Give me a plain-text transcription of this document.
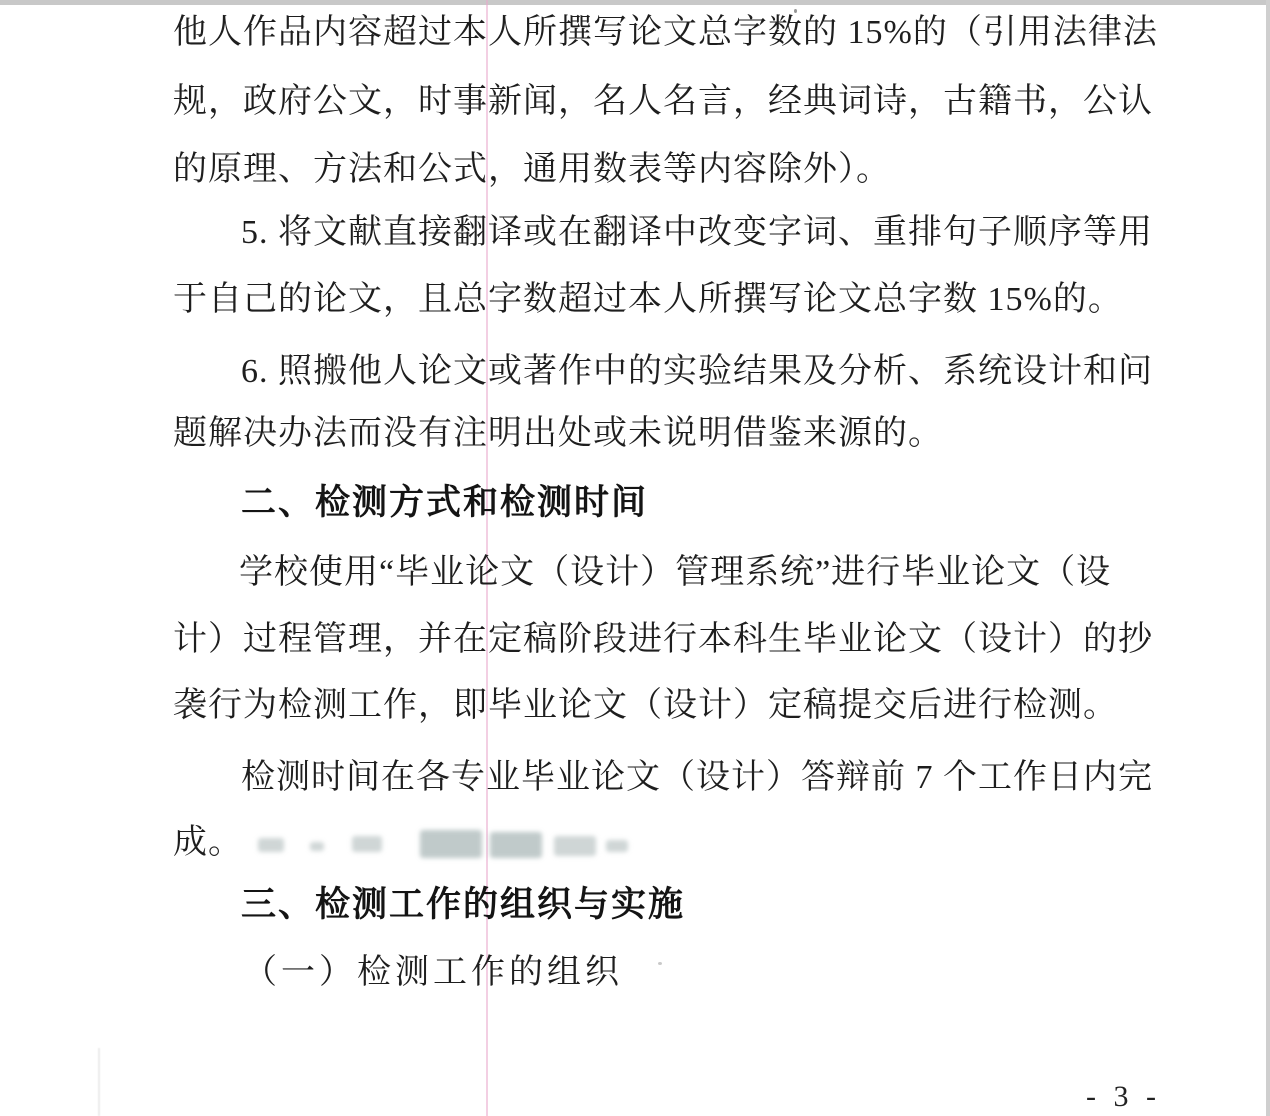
他人作品内容超过本人所撰写论文总字数的 15%的（引用法律法
规，政府公文，时事新闻，名人名言，经典词诗，古籍书，公认
的原理、方法和公式，通用数表等内容除外）。
5. 将文献直接翻译或在翻译中改变字词、重排句子顺序等用
于自己的论文，且总字数超过本人所撰写论文总字数 15%的。
6. 照搬他人论文或著作中的实验结果及分析、系统设计和问
题解决办法而没有注明出处或未说明借鉴来源的。
二、检测方式和检测时间
学校使用“毕业论文（设计）管理系统”进行毕业论文（设
计）过程管理，并在定稿阶段进行本科生毕业论文（设计）的抄
袭行为检测工作，即毕业论文（设计）定稿提交后进行检测。
检测时间在各专业毕业论文（设计）答辩前 7 个工作日内完
成。
三、检测工作的组织与实施
（一）检测工作的组织
- 3 -
